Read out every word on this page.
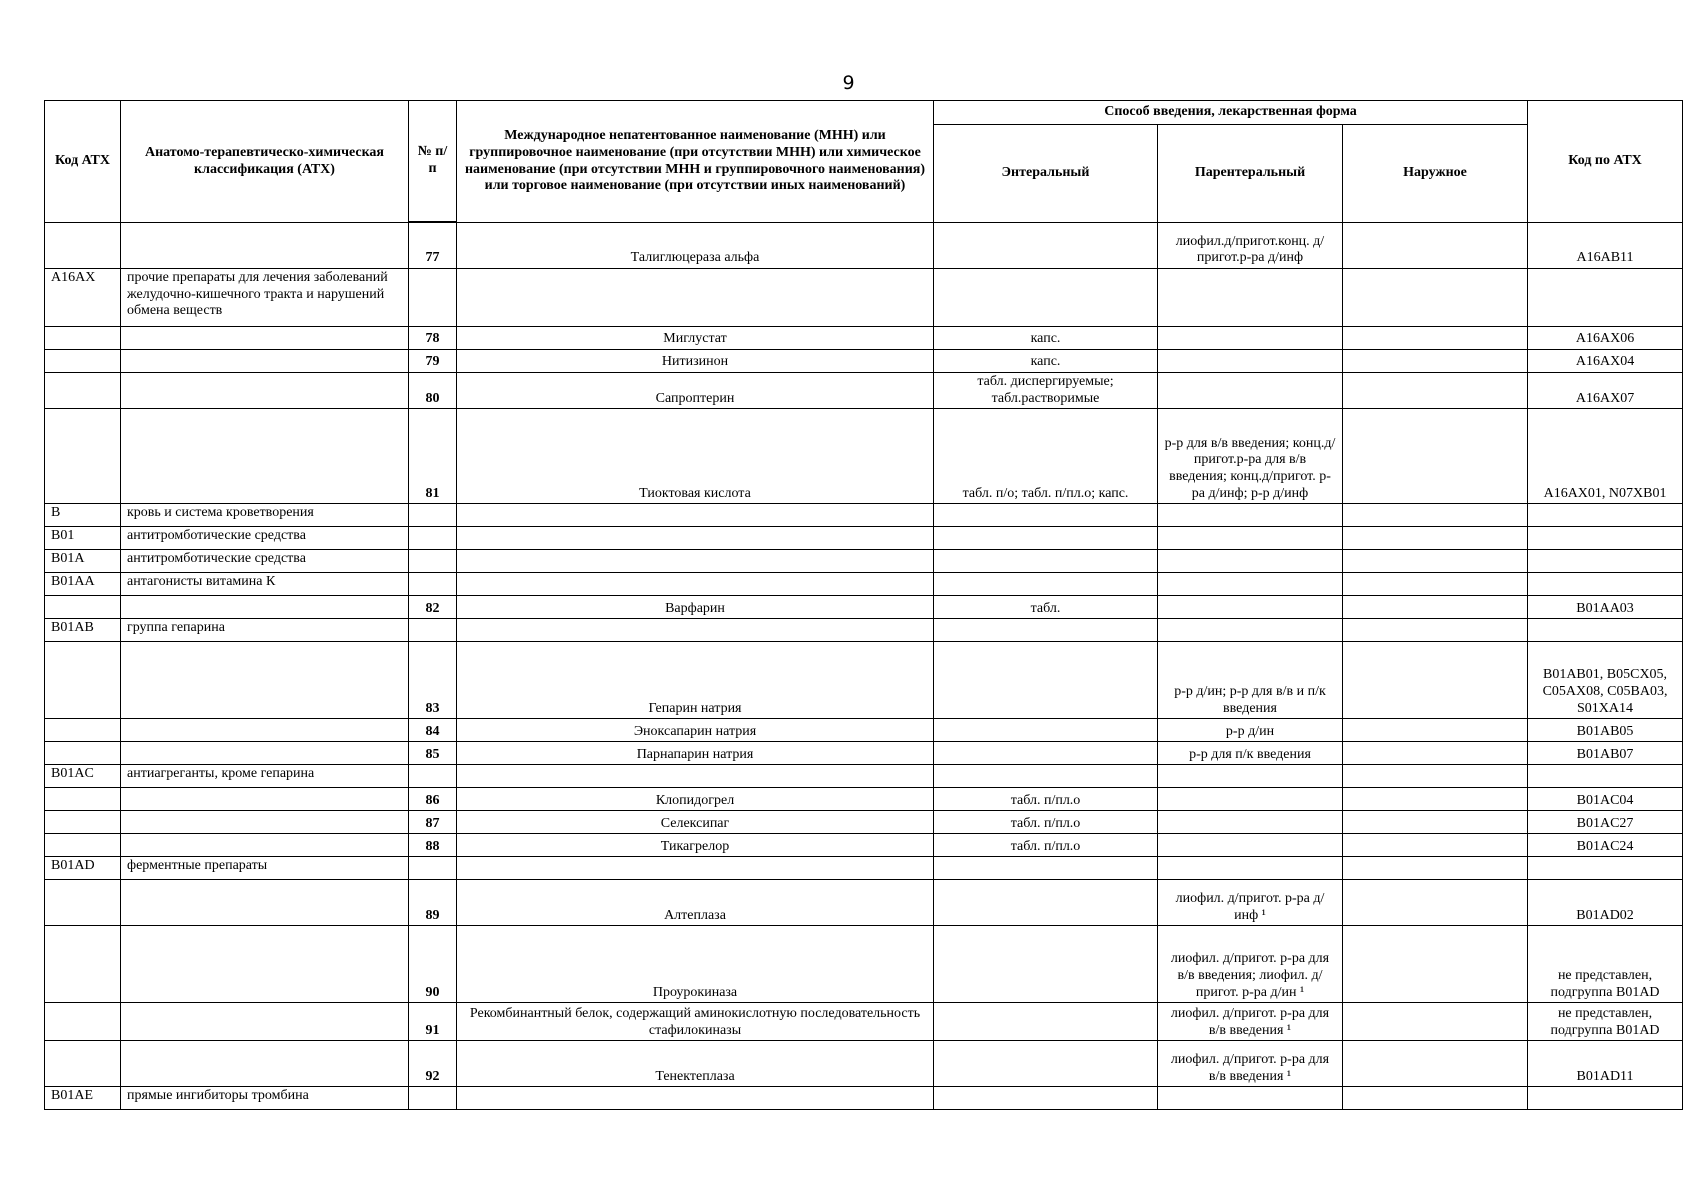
9
Код АТХ	Анатомо-терапевтическо-химическая классификация (АТХ)	№ п/п	Международное непатентованное наименование (МНН) или группировочное наименование (при отсутствии МНН) или химическое наименование (при отсутствии МНН и группировочного наименования) или торговое наименование (при отсутствии иных наименований)	Способ введения, лекарственная форма			Код по АТХ
				Энтеральный	Парентеральный	Наружное	

		77	Талиглюцераза альфа		лиофил.д/пригот.конц. д/пригот.р-ра д/инф		A16AB11
A16AX	прочие препараты для лечения заболеваний желудочно-кишечного тракта и нарушений обмена веществ						
		78	Миглустат	капс.			A16AX06
		79	Нитизинон	капс.			A16AX04
		80	Сапроптерин	табл. диспергируемые; табл.растворимые			A16AX07
		81	Тиоктовая кислота	табл. п/о; табл. п/пл.о; капс.	р-р для в/в введения; конц.д/пригот.р-ра для в/в введения; конц.д/пригот. р-ра д/инф; р-р д/инф		A16AX01, N07XB01
B	кровь и система кроветворения						
B01	антитромботические средства						
B01A	антитромботические средства						
B01AA	антагонисты витамина К						
		82	Варфарин	табл.			B01AA03
B01AB	группа гепарина						
		83	Гепарин натрия		р-р д/ин; р-р для в/в и п/к введения		B01AB01, B05CX05, C05AX08, C05BA03, S01XA14
		84	Эноксапарин натрия		р-р д/ин		B01AB05
		85	Парнапарин натрия		р-р для п/к введения		B01AB07
B01AC	антиагреганты, кроме гепарина						
		86	Клопидогрел	табл. п/пл.о			B01AC04
		87	Селексипаг	табл. п/пл.о			B01AC27
		88	Тикагрелор	табл. п/пл.о			B01AC24
B01AD	ферментные препараты						
		89	Алтеплаза		лиофил. д/пригот. р-ра д/инф ¹		B01AD02
		90	Проурокиназа		лиофил. д/пригот. р-ра для в/в введения; лиофил. д/пригот. р-ра д/ин ¹		не представлен, подгруппа B01AD
		91	Рекомбинантный белок, содержащий аминокислотную последовательность стафилокиназы		лиофил. д/пригот. р-ра для в/в введения ¹		не представлен, подгруппа B01AD
		92	Тенектеплаза		лиофил. д/пригот. р-ра для в/в введения ¹		B01AD11
B01AE	прямые ингибиторы тромбина						
